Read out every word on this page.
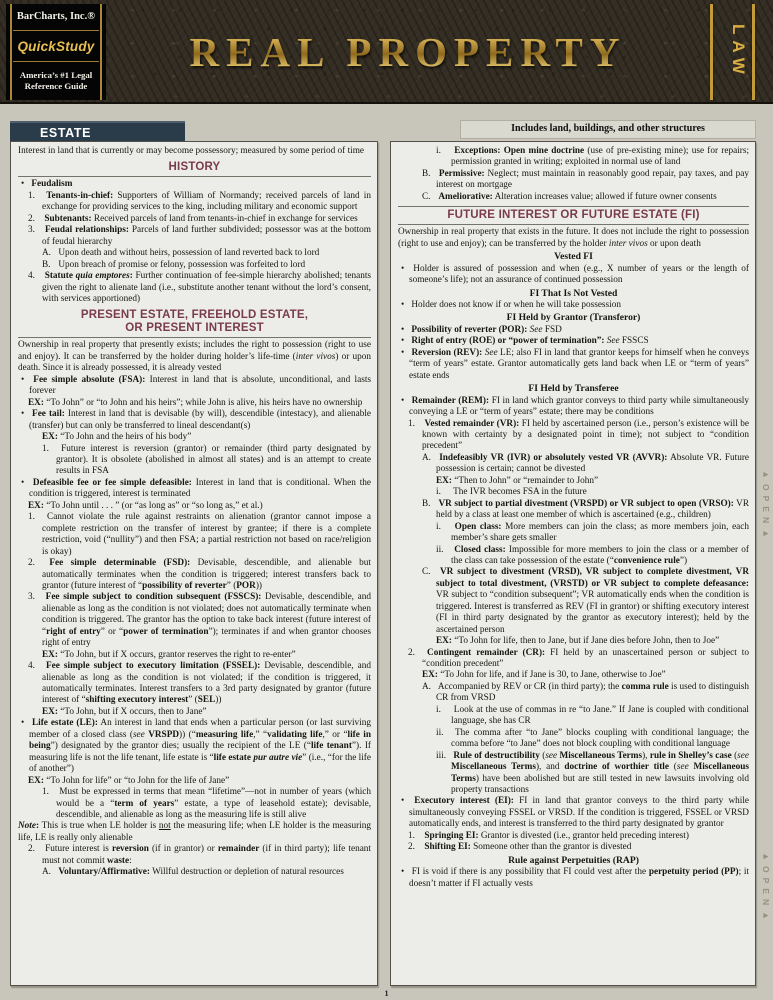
BarCharts, Inc.®
QuickStudy
America’s #1 Legal
Reference Guide
REAL PROPERTY	LAW
ESTATE	Includes land, buildings, and other structures
Interest in land that is currently or may become possessory; measured by some period of time
HISTORY
• Feudalism
1. Tenants-in-chief: Supporters of William of Normandy; received parcels of land in exchange for providing services to the king, including military and economic support
2. Subtenants: Received parcels of land from tenants-in-chief in exchange for services
3. Feudal relationships: Parcels of land further subdivided; possessor was at the bottom of feudal hierarchy
A. Upon death and without heirs, possession of land reverted back to lord
B. Upon breach of promise or felony, possession was forfeited to lord
4. Statute quia emptores: Further continuation of fee-simple hierarchy abolished; tenants given the right to alienate land (i.e., substitute another tenant without the lord’s consent, with services apportioned)
PRESENT ESTATE, FREEHOLD ESTATE,
OR PRESENT INTEREST
Ownership in real property that presently exists; includes the right to possession (right to use and enjoy). It can be transferred by the holder during holder’s life-time (inter vivos) or upon death. Since it is already possessed, it is already vested
• Fee simple absolute (FSA): Interest in land that is absolute, unconditional, and lasts forever
EX: “To John” or “to John and his heirs”; while John is alive, his heirs have no ownership
• Fee tail: Interest in land that is devisable (by will), descendible (intestacy), and alienable (transfer) but can only be transferred to lineal descendant(s)
EX: “To John and the heirs of his body”
1. Future interest is reversion (grantor) or remainder (third party designated by grantor). It is obsolete (abolished in almost all states) and is an attempt to create results in FSA
• Defeasible fee or fee simple defeasible: Interest in land that is conditional. When the condition is triggered, interest is terminated
EX: “To John until . . . ” (or “as long as” or “so long as,” et al.)
1. Cannot violate the rule against restraints on alienation (grantor cannot impose a complete restriction on the transfer of interest by grantee; if there is a complete restriction, void (“nullity”) and then FSA; a partial restriction not based on race/religion is okay)
2. Fee simple determinable (FSD): Devisable, descendible, and alienable but automatically terminates when the condition is triggered; interest transfers back to grantor (future interest of “possibility of reverter” (POR))
3. Fee simple subject to condition subsequent (FSSCS): Devisable, descendible, and alienable as long as the condition is not violated; does not automatically terminate when condition is triggered. The grantor has the option to take back interest (future interest of “right of entry” or “power of termination”); terminates if and when grantor chooses right of entry
EX: “To John, but if X occurs, grantor reserves the right to re-enter”
4. Fee simple subject to executory limitation (FSSEL): Devisable, descendible, and alienable as long as the condition is not violated; if the condition is triggered, it automatically terminates. Interest transfers to a 3rd party designated by grantor (future interest of “shifting executory interest” (SEL))
EX: “To John, but if X occurs, then to Jane”
• Life estate (LE): An interest in land that ends when a particular person (or last surviving member of a closed class (see VRSPD)) (“measuring life,” “validating life,” or “life in being”) designated by the grantor dies; usually the recipient of the LE (“life tenant”). If measuring life is not the life tenant, life estate is “life estate pur autre vie” (i.e., “for the life of another”)
EX: “To John for life” or “to John for the life of Jane”
1. Must be expressed in terms that mean “lifetime”—not in number of years (which would be a “term of years” estate, a type of leasehold estate); devisable, descendible, and alienable as long as the measuring life is still alive
Note: This is true when LE holder is not the measuring life; when LE holder is the measuring life, LE is really only alienable
2. Future interest is reversion (if in grantor) or remainder (if in third party); life tenant must not commit waste:
A. Voluntary/Affirmative: Willful destruction or depletion of natural resources
i. Exceptions: Open mine doctrine (use of pre-existing mine); use for repairs; permission granted in writing; exploited in normal use of land
B. Permissive: Neglect; must maintain in reasonably good repair, pay taxes, and pay interest on mortgage
C. Ameliorative: Alteration increases value; allowed if future owner consents
FUTURE INTEREST OR FUTURE ESTATE (FI)
Ownership in real property that exists in the future. It does not include the right to possession (right to use and enjoy); can be transferred by the holder inter vivos or upon death
Vested FI
• Holder is assured of possession and when (e.g., X number of years or the length of someone’s life); not an assurance of continued possession
FI That Is Not Vested
• Holder does not know if or when he will take possession
FI Held by Grantor (Transferor)
• Possibility of reverter (POR): See FSD
• Right of entry (ROE) or “power of termination”: See FSSCS
• Reversion (REV): See LE; also FI in land that grantor keeps for himself when he conveys “term of years” estate. Grantor automatically gets land back when LE or “term of years” estate ends
FI Held by Transferee
• Remainder (REM): FI in land which grantor conveys to third party while simultaneously conveying a LE or “term of years” estate; there may be conditions
1. Vested remainder (VR): FI held by ascertained person (i.e., person’s existence will be known with certainty by a designated point in time); not subject to “condition precedent”
A. Indefeasibly VR (IVR) or absolutely vested VR (AVVR): Absolute VR. Future possession is certain; cannot be divested
EX: “Then to John” or “remainder to John”
i. The IVR becomes FSA in the future
B. VR subject to partial divestment (VRSPD) or VR subject to open (VRSO): VR held by a class at least one member of which is ascertained (e.g., children)
i. Open class: More members can join the class; as more members join, each member’s share gets smaller
ii. Closed class: Impossible for more members to join the class or a member of the class can take possession of the estate (“convenience rule”)
C. VR subject to divestment (VRSD), VR subject to complete divestment, VR subject to total divestment, (VRSTD) or VR subject to complete defeasance: VR subject to “condition subsequent”; VR automatically ends when the condition is triggered. Interest is transferred as REV (FI in grantor) or shifting executory interest (FI in third party designated by the grantor as executory interest); held by the ascertained person
EX: “To John for life, then to Jane, but if Jane dies before John, then to Joe”
2. Contingent remainder (CR): FI held by an unascertained person or subject to “condition precedent”
EX: “To John for life, and if Jane is 30, to Jane, otherwise to Joe”
A. Accompanied by REV or CR (in third party); the comma rule is used to distinguish CR from VRSD
i. Look at the use of commas in re “to Jane.” If Jane is coupled with conditional language, she has CR
ii. The comma after “to Jane” blocks coupling with conditional language; the comma before “to Jane” does not block coupling with conditional language
iii. Rule of destructibility (see Miscellaneous Terms), rule in Shelley’s case (see Miscellaneous Terms), and doctrine of worthier title (see Miscellaneous Terms) have been abolished but are still tested in new lawsuits involving old property transactions
• Executory interest (EI): FI in land that grantor conveys to the third party while simultaneously conveying FSSEL or VRSD. If the condition is triggered, FSSEL or VRSD automatically ends, and interest is transferred to the third party designated by grantor
1. Springing EI: Grantor is divested (i.e., grantor held preceding interest)
2. Shifting EI: Someone other than the grantor is divested
Rule against Perpetuities (RAP)
• FI is void if there is any possibility that FI could vest after the perpetuity period (PP); it doesn’t matter if FI actually vests
►OPEN►
►OPEN►
1
